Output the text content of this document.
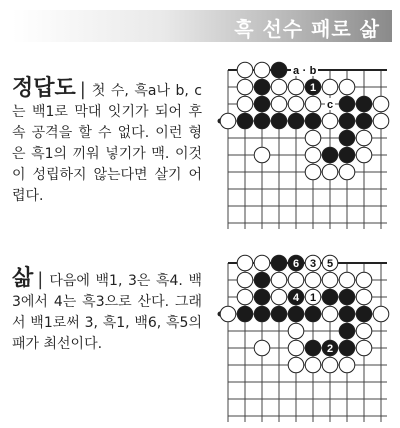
흑 선수 패로 삶
정답도 | 첫 수, 흑a나 b, c는 백1로 막대 잇기가 되어 후속 공격을 할 수 없다. 이런 형은 흑1의 끼워 넣기가 맥. 이것이 성립하지 않는다면 살기 어렵다.
삶 | 다음에 백1, 3은 흑4. 백3에서 4는 흑3으로 산다. 그래서 백1로써 3, 흑1, 백6, 흑5의 패가 최선이다.
1
a · b
c
6 3 5
4 1
2
